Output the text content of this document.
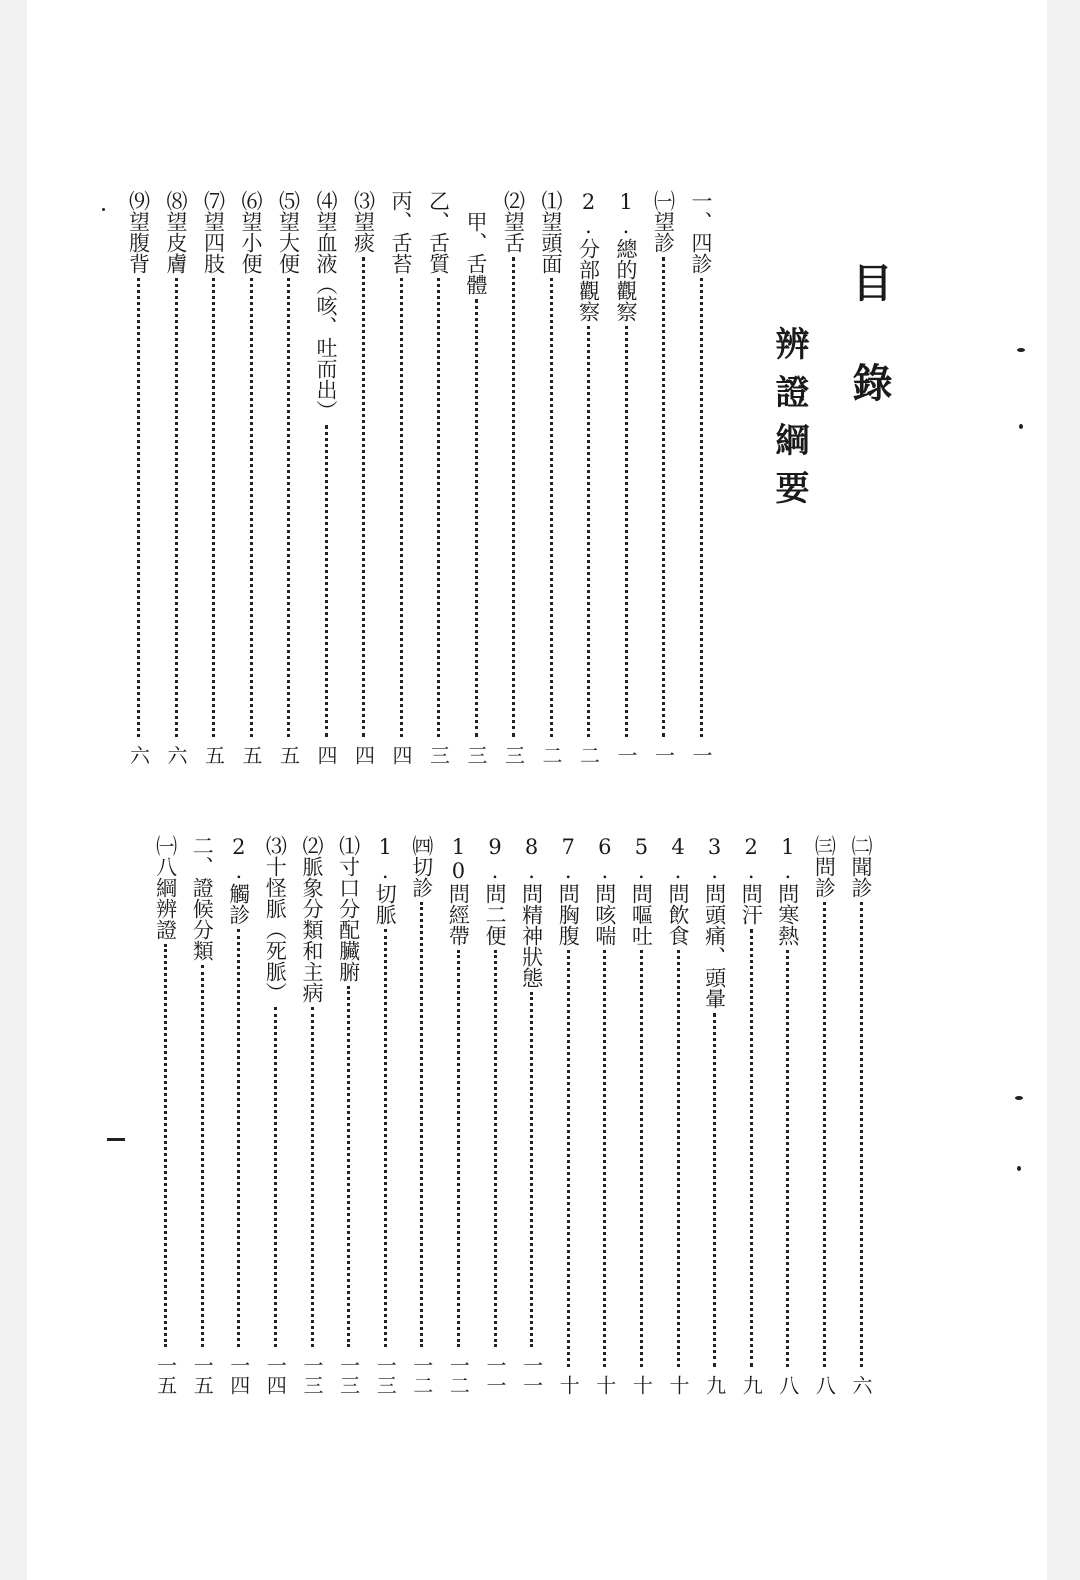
目錄
辨證綱要
一、四診
一
㈠望診
一
1.總的觀察
一
2.分部觀察
二
⑴望頭面
二
⑵望舌
三
　甲、舌體
三
乙、舌質
三
丙、舌苔
四
⑶望痰
四
⑷望血液（咳、吐而出）
四
⑸望大便
五
⑹望小便
五
⑺望四肢
五
⑻望皮膚
六
⑼望腹背
六
㈡聞診
六
㈢問診
八
1.問寒熱
八
2.問汗
九
3.問頭痛、頭暈
九
4.問飲食
十
5.問嘔吐
十
6.問咳喘
十
7.問胸腹
十
8.問精神狀態
一一
9.問二便
一一
10問經帶
一二
㈣切診
一二
1.切脈
一三
⑴寸口分配臟腑
一三
⑵脈象分類和主病
一三
⑶十怪脈（死脈）
一四
2.觸診
一四
二、證候分類
一五
㈠八綱辨證
一五
